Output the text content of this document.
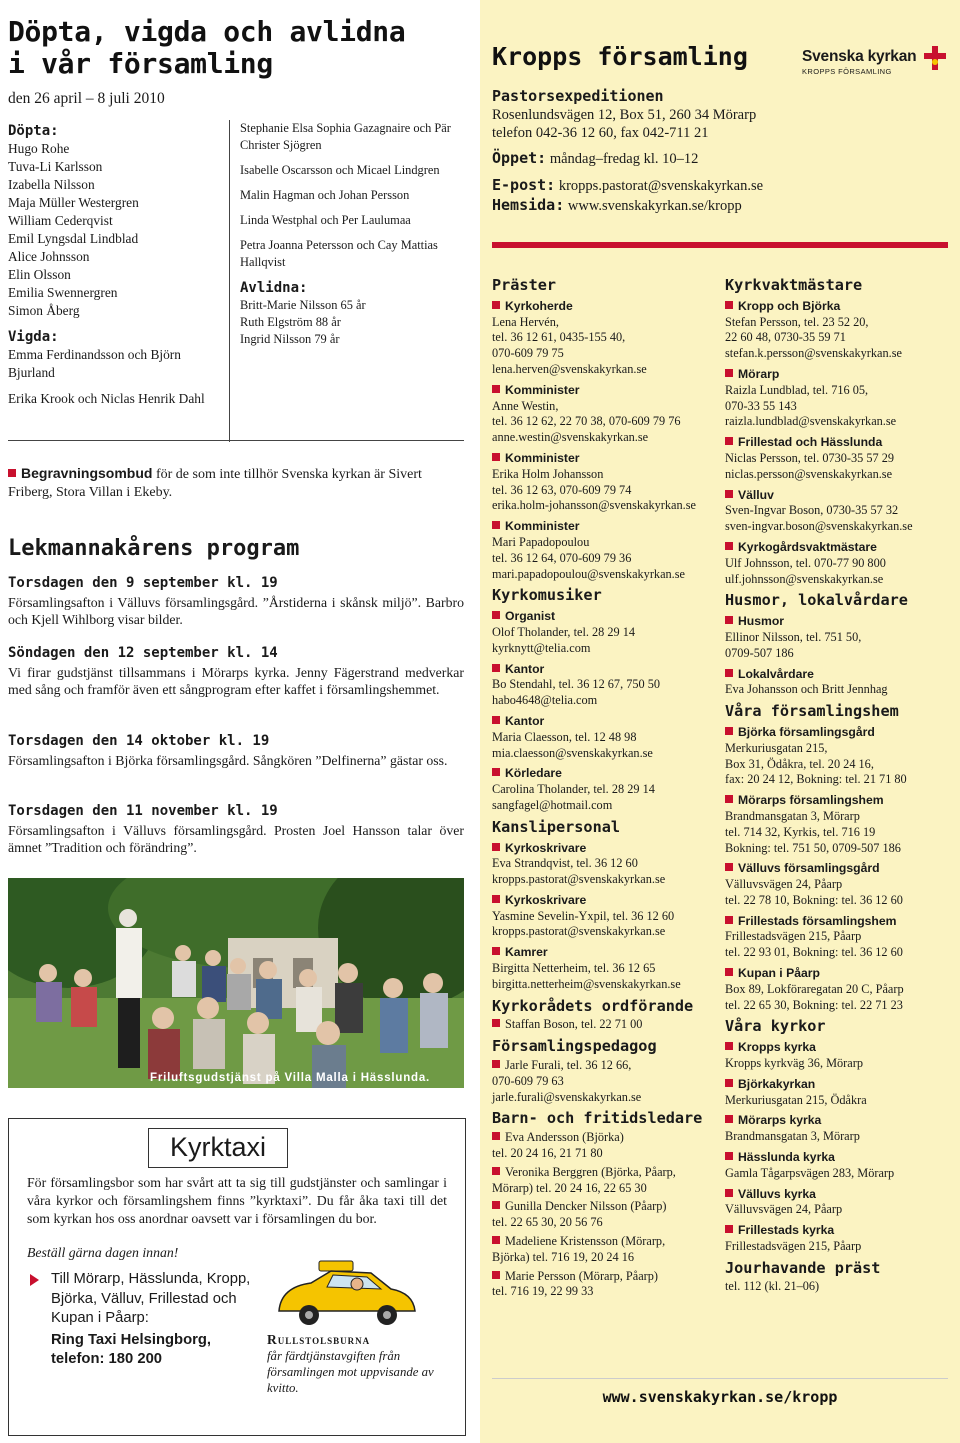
Döpta, vigda och avlidna
i vår församling
den 26 april – 8 juli 2010
Döpta:
Hugo Rohe
Tuva-Li Karlsson
Izabella Nilsson
Maja Müller Westergren
William Cederqvist
Emil Lyngsdal Lindblad
Alice Johnsson
Elin Olsson
Emilia Swennergren
Simon Åberg
Vigda:
Emma Ferdinandsson och Björn Bjurland
Erika Krook och Niclas Henrik Dahl
Stephanie Elsa Sophia Gazagnaire och Pär Christer Sjögren
Isabelle Oscarsson och Micael Lindgren
Malin Hagman och Johan Persson
Linda Westphal och Per Laulumaa
Petra Joanna Petersson och Cay Mattias Hallqvist
Avlidna:
Britt-Marie Nilsson 65 år
Ruth Elgström 88 år
Ingrid Nilsson 79 år
Begravningsombud för de som inte tillhör Svenska kyrkan är Sivert Friberg, Stora Villan i Ekeby.
Lekmannakårens program
Torsdagen den 9 september kl. 19
Församlingsafton i Välluvs församlingsgård. ”Årstiderna i skånsk miljö”. Barbro och Kjell Wihlborg visar bilder.
Söndagen den 12 september kl. 14
Vi firar gudstjänst tillsammans i Mörarps kyrka. Jenny Fägerstrand medverkar med sång och framför även ett sångprogram efter kaffet i församlingshemmet.
Torsdagen den 14 oktober kl. 19
Församlingsafton i Björka församlingsgård. Sångkören ”Delfinerna” gästar oss.
Torsdagen den 11 november kl. 19
Församlingsafton i Välluvs församlingsgård. Prosten Joel Hansson talar över ämnet ”Tradition och förändring”.
Friluftsgudstjänst på Villa Malla i Hässlunda.
Kyrktaxi
För församlingsbor som har svårt att ta sig till gudstjänster och samlingar i våra kyrkor och församlingshem finns ”kyrktaxi”. Du får åka taxi till det som kyrkan hos oss anordnar oavsett var i församlingen du bor.
Beställ gärna dagen innan!
Till Mörarp, Hässlunda, Kropp, Björka, Välluv, Frillestad och Kupan i Påarp:
Ring Taxi Helsingborg, telefon: 180 200
Rullstolsburna
får färdtjänstavgiften från församlingen mot uppvisande av kvitto.
Kropps församling	Svenska kyrkan
KROPPS FÖRSAMLING
Pastorsexpeditionen
Rosenlundsvägen 12, Box 51, 260 34 Mörarp
telefon 042-36 12 60, fax 042-711 21
Öppet: måndag–fredag kl. 10–12
E-post: kropps.pastorat@svenskakyrkan.se
Hemsida: www.svenskakyrkan.se/kropp
Präster
Kyrkoherde
Lena Hervén,
tel. 36 12 61, 0435-155 40,
070-609 79 75
lena.herven@svenskakyrkan.se
Komminister
Anne Westin,
tel. 36 12 62, 22 70 38, 070-609 79 76
anne.westin@svenskakyrkan.se
Komminister
Erika Holm Johansson
tel. 36 12 63, 070-609 79 74
erika.holm-johansson@svenskakyrkan.se
Komminister
Mari Papadopoulou
tel. 36 12 64, 070-609 79 36
mari.papadopoulou@svenskakyrkan.se
Kyrkomusiker
Organist
Olof Tholander, tel. 28 29 14
kyrknytt@telia.com
Kantor
Bo Stendahl, tel. 36 12 67, 750 50
habo4648@telia.com
Kantor
Maria Claesson, tel. 12 48 98
mia.claesson@svenskakyrkan.se
Körledare
Carolina Tholander, tel. 28 29 14
sangfagel@hotmail.com
Kanslipersonal
Kyrkoskrivare
Eva Strandqvist, tel. 36 12 60
kropps.pastorat@svenskakyrkan.se
Kyrkoskrivare
Yasmine Sevelin-Yxpil, tel. 36 12 60
kropps.pastorat@svenskakyrkan.se
Kamrer
Birgitta Netterheim, tel. 36 12 65
birgitta.netterheim@svenskakyrkan.se
Kyrkorådets ordförande
Staffan Boson, tel. 22 71 00
Församlingspedagog
Jarle Furali, tel. 36 12 66,
070-609 79 63
jarle.furali@svenskakyrkan.se
Barn- och fritidsledare
Eva Andersson (Björka)
tel. 20 24 16, 21 71 80
Veronika Berggren (Björka, Påarp,
Mörarp) tel. 20 24 16, 22 65 30
Gunilla Dencker Nilsson (Påarp)
tel. 22 65 30, 20 56 76
Madeliene Kristensson (Mörarp,
Björka) tel. 716 19, 20 24 16
Marie Persson (Mörarp, Påarp)
tel. 716 19, 22 99 33
Kyrkvaktmästare
Kropp och Björka
Stefan Persson, tel. 23 52 20,
22 60 48, 0730-35 59 71
stefan.k.persson@svenskakyrkan.se
Mörarp
Raizla Lundblad, tel. 716 05,
070-33 55 143
raizla.lundblad@svenskakyrkan.se
Frillestad och Hässlunda
Niclas Persson, tel. 0730-35 57 29
niclas.persson@svenskakyrkan.se
Välluv
Sven-Ingvar Boson, 0730-35 57 32
sven-ingvar.boson@svenskakyrkan.se
Kyrkogårdsvaktmästare
Ulf Johnsson, tel. 070-77 90 800
ulf.johnsson@svenskakyrkan.se
Husmor, lokalvårdare
Husmor
Ellinor Nilsson, tel. 751 50,
0709-507 186
Lokalvårdare
Eva Johansson och Britt Jennhag
Våra församlingshem
Björka församlingsgård
Merkuriusgatan 215,
Box 31, Ödåkra, tel. 20 24 16,
fax: 20 24 12, Bokning: tel. 21 71 80
Mörarps församlingshem
Brandmansgatan 3, Mörarp
tel. 714 32, Kyrkis, tel. 716 19
Bokning: tel. 751 50, 0709-507 186
Välluvs församlingsgård
Välluvsvägen 24, Påarp
tel. 22 78 10, Bokning: tel. 36 12 60
Frillestads församlingshem
Frillestadsvägen 215, Påarp
tel. 22 93 01, Bokning: tel. 36 12 60
Kupan i Påarp
Box 89, Lokföraregatan 20 C, Påarp
tel. 22 65 30, Bokning: tel. 22 71 23
Våra kyrkor
Kropps kyrka
Kropps kyrkväg 36, Mörarp
Björkakyrkan
Merkuriusgatan 215, Ödåkra
Mörarps kyrka
Brandmansgatan 3, Mörarp
Hässlunda kyrka
Gamla Tågarpsvägen 283, Mörarp
Välluvs kyrka
Välluvsvägen 24, Påarp
Frillestads kyrka
Frillestadsvägen 215, Påarp
Jourhavande präst
tel. 112 (kl. 21–06)
www.svenskakyrkan.se/kropp
